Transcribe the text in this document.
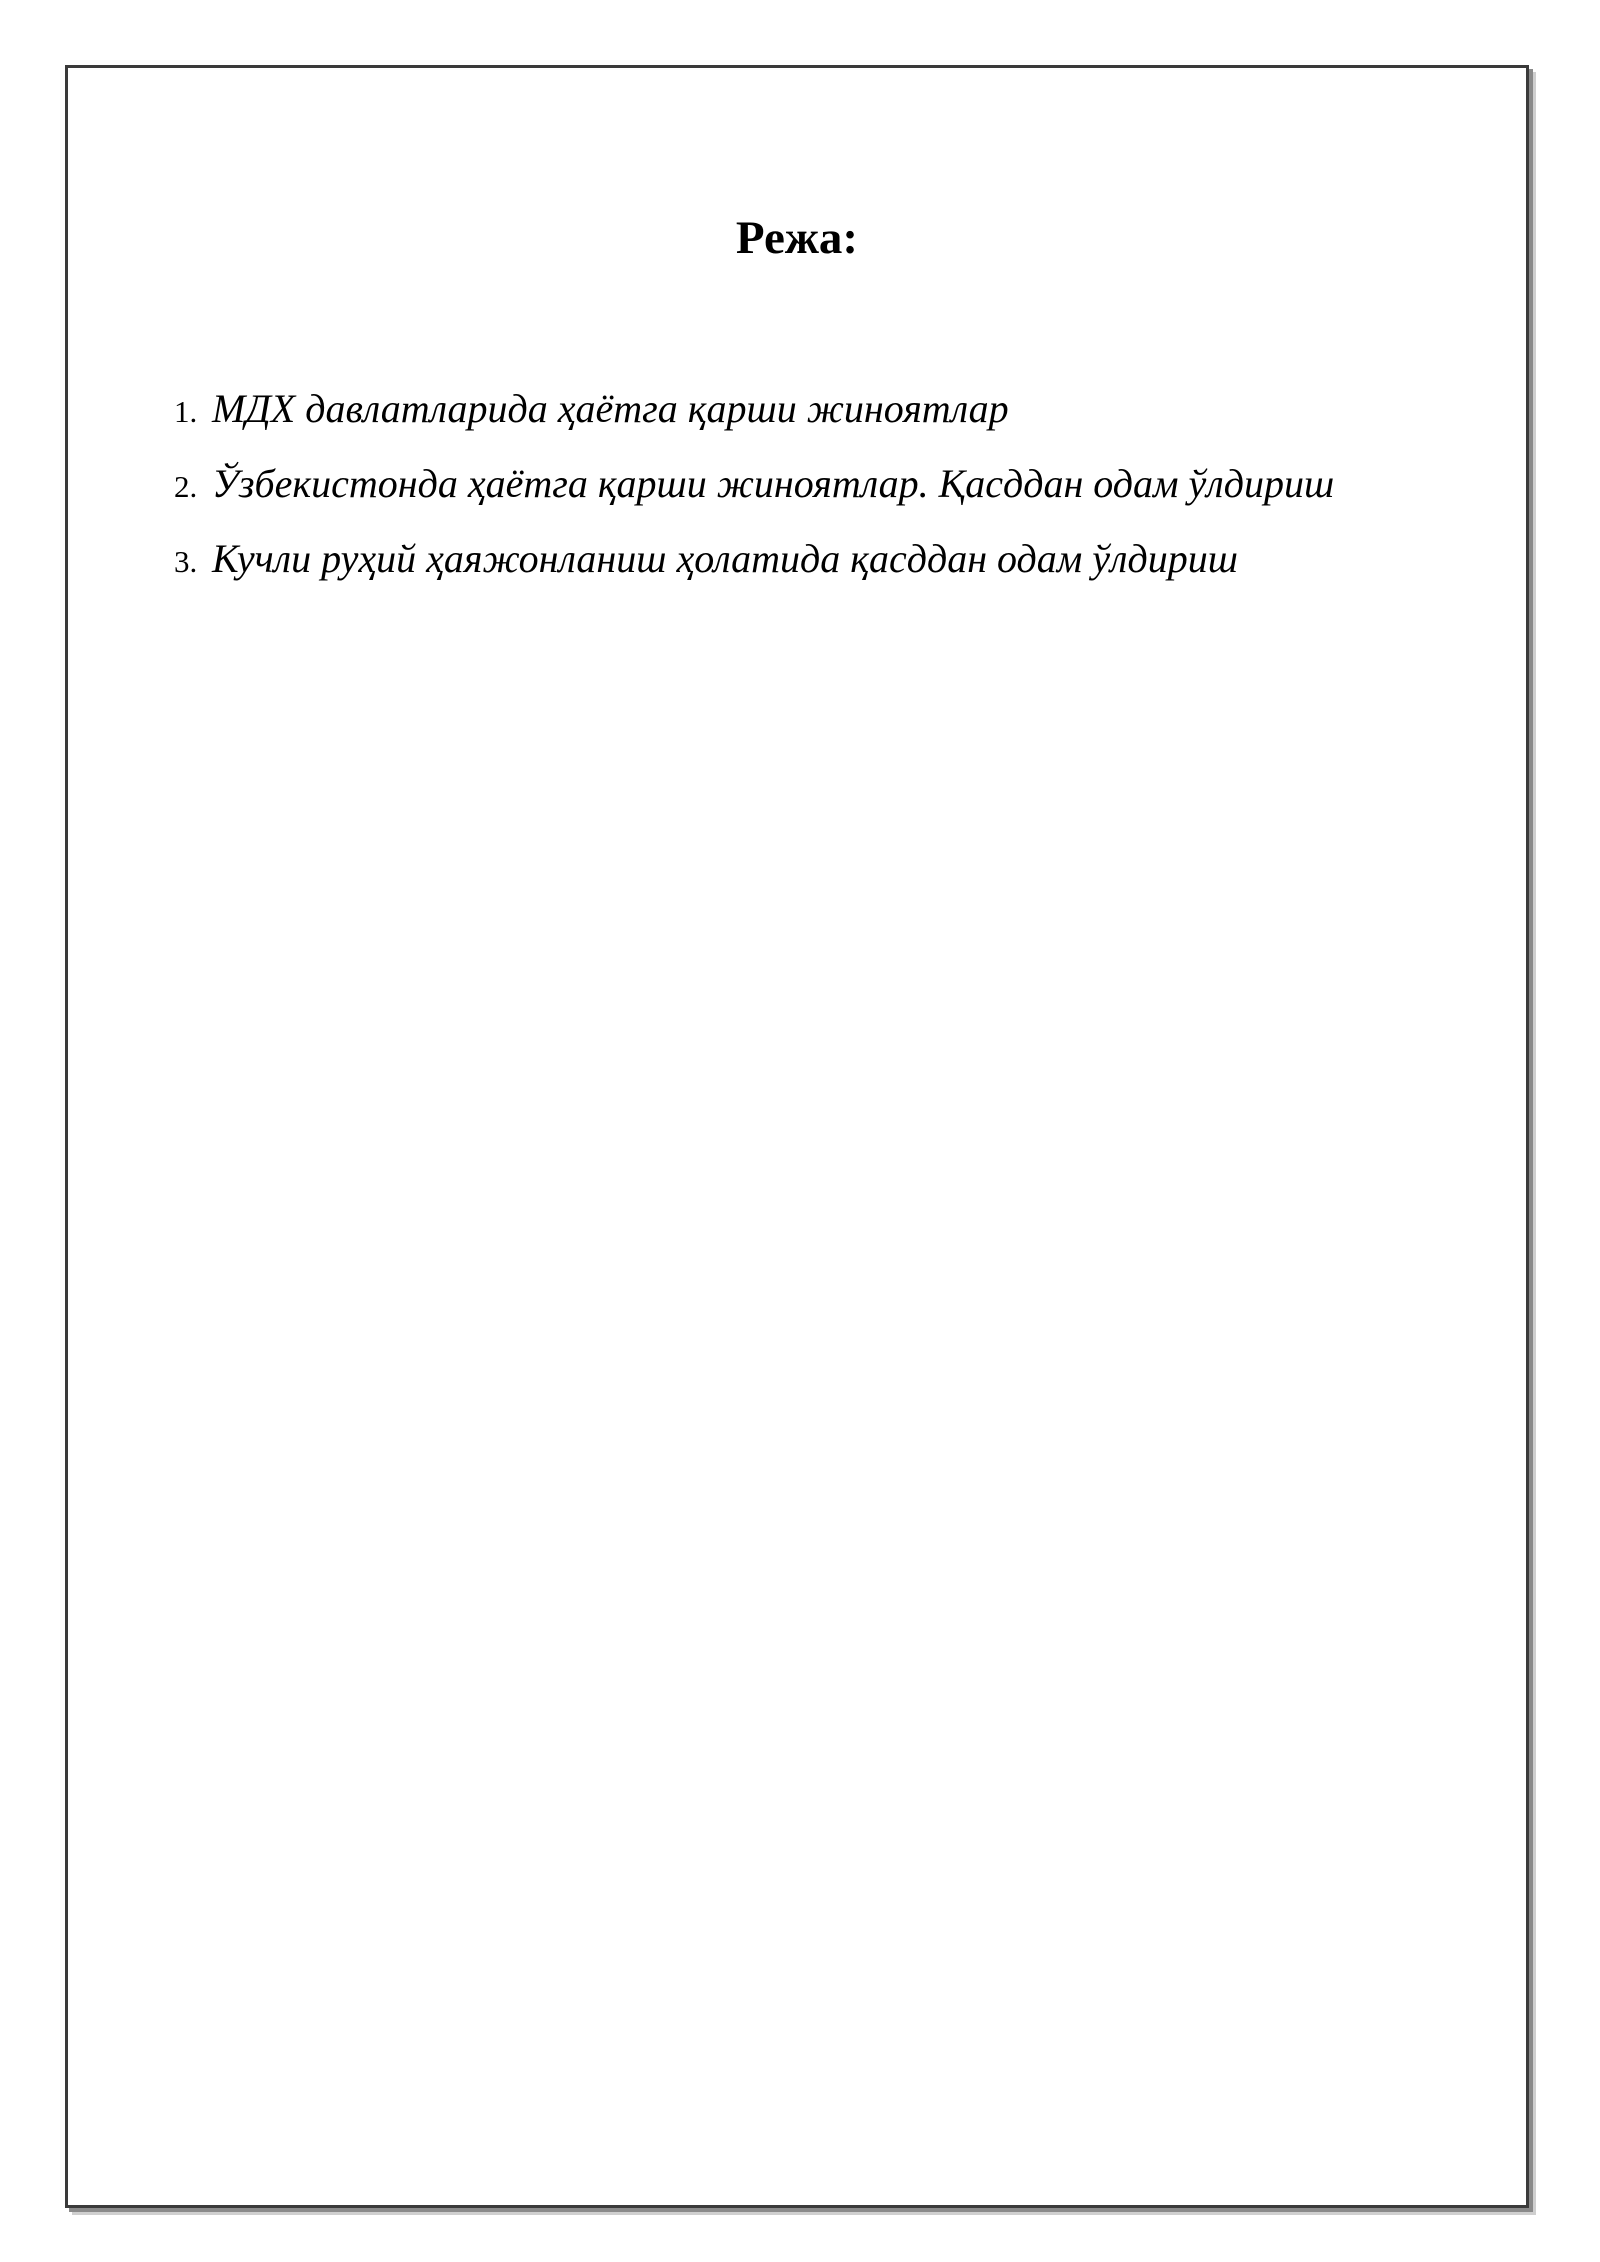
Режа:
1. МДХ давлатларида ҳаётга қарши жиноятлар
2. Ўзбекистонда ҳаётга қарши жиноятлар. Қасддан одам ўлдириш
3. Кучли руҳий ҳаяжонланиш ҳолатида қасддан одам ўлдириш
